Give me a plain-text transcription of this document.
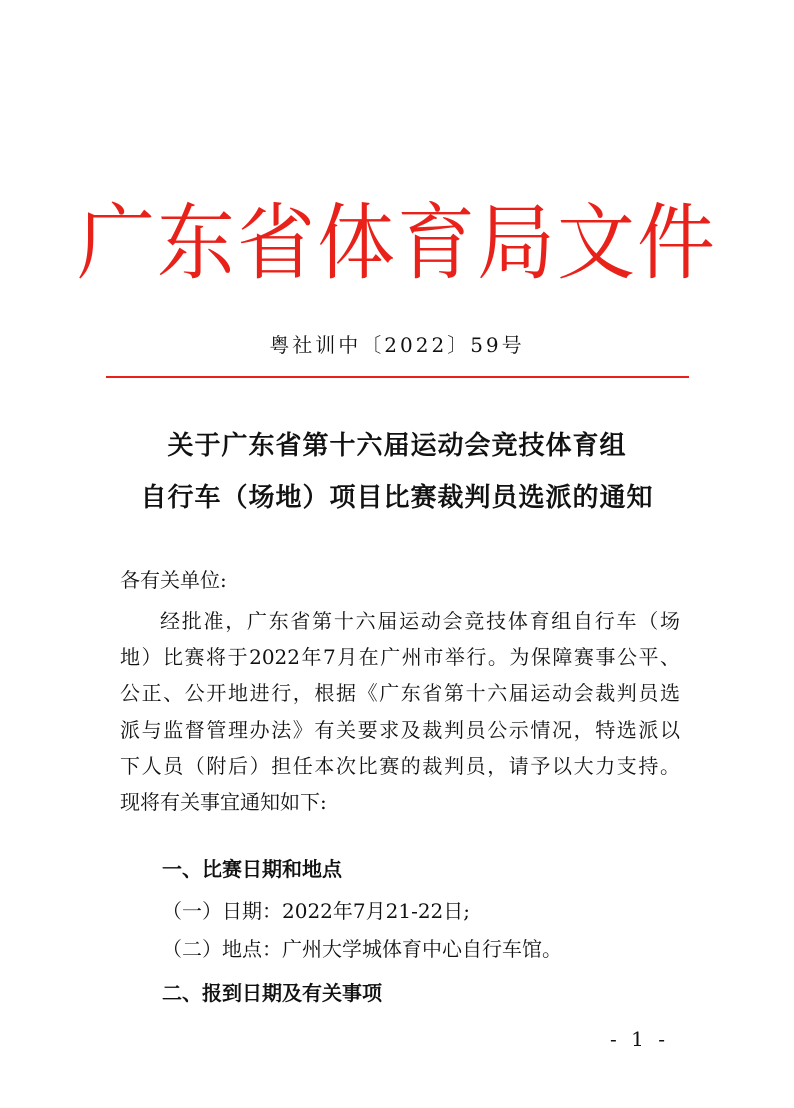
广东省体育局文件
粤社训中〔2022〕59号
关于广东省第十六届运动会竞技体育组
自行车（场地）项目比赛裁判员选派的通知
各有关单位:
经批准，广东省第十六届运动会竞技体育组自行车（场
地）比赛将于2022年7月在广州市举行。为保障赛事公平、
公正、公开地进行，根据《广东省第十六届运动会裁判员选
派与监督管理办法》有关要求及裁判员公示情况，特选派以
下人员（附后）担任本次比赛的裁判员，请予以大力支持。
现将有关事宜通知如下:
一、比赛日期和地点
（一）日期：2022年7月21-22日;
（二）地点：广州大学城体育中心自行车馆。
二、报到日期及有关事项
- 1 -
